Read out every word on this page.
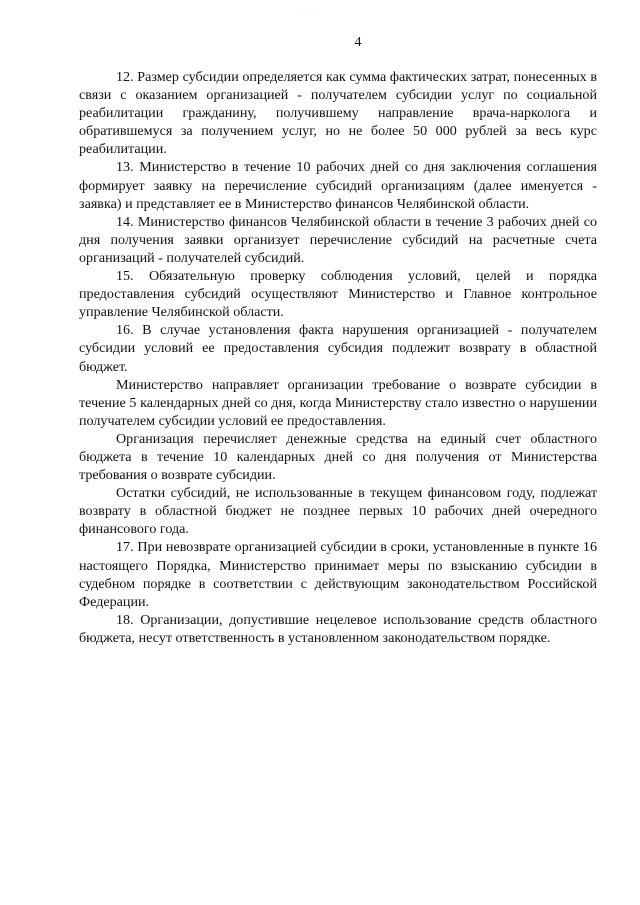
. . .
4

12. Размер субсидии определяется как сумма фактических затрат, понесенных в связи с оказанием организацией - получателем субсидии услуг по социальной реабилитации гражданину, получившему направление врача-нарколога и обратившемуся за получением услуг, но не более 50 000 рублей за весь курс реабилитации.

13. Министерство в течение 10 рабочих дней со дня заключения соглашения формирует заявку на перечисление субсидий организациям (далее именуется - заявка) и представляет ее в Министерство финансов Челябинской области.

14. Министерство финансов Челябинской области в течение 3 рабочих дней со дня получения заявки организует перечисление субсидий на расчетные счета организаций - получателей субсидий.

15. Обязательную проверку соблюдения условий, целей и порядка предоставления субсидий осуществляют Министерство и Главное контрольное управление Челябинской области.

16. В случае установления факта нарушения организацией - получателем субсидии условий ее предоставления субсидия подлежит возврату в областной бюджет.

Министерство направляет организации требование о возврате субсидии в течение 5 календарных дней со дня, когда Министерству стало известно о нарушении получателем субсидии условий ее предоставления.

Организация перечисляет денежные средства на единый счет областного бюджета в течение 10 календарных дней со дня получения от Министерства требования о возврате субсидии.

Остатки субсидий, не использованные в текущем финансовом году, подлежат возврату в областной бюджет не позднее первых 10 рабочих дней очередного финансового года.

17. При невозврате организацией субсидии в сроки, установленные в пункте 16 настоящего Порядка, Министерство принимает меры по взысканию субсидии в судебном порядке в соответствии с действующим законодательством Российской Федерации.

18. Организации, допустившие нецелевое использование средств областного бюджета, несут ответственность в установленном законодательством порядке.
